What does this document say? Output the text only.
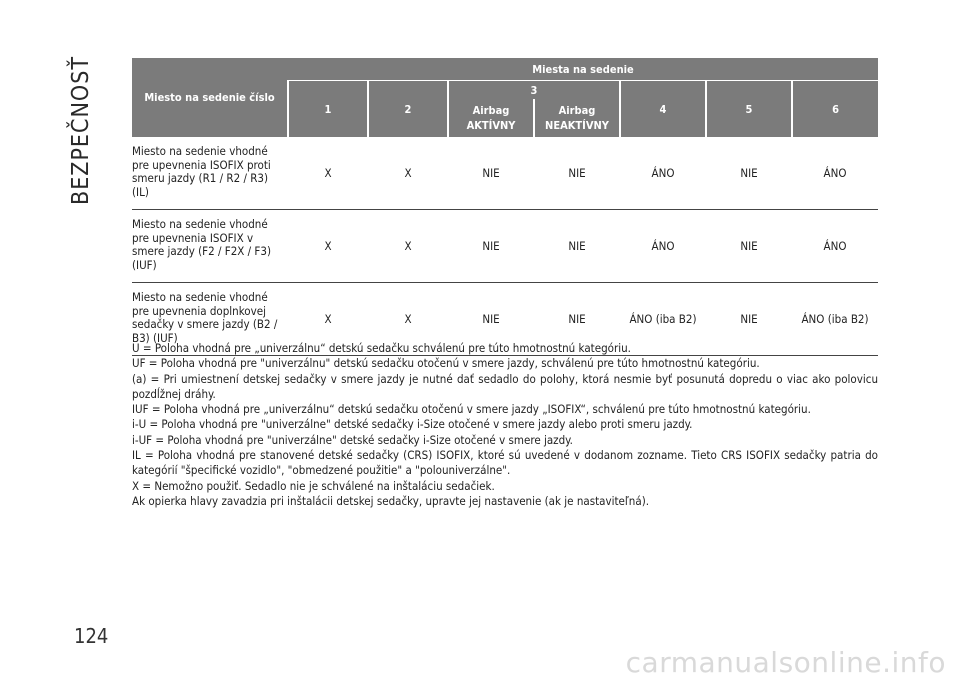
BEZPEČNOSŤ	Miesto na sedenie číslo	Miesta na sedenie						
	1	2	3		4	5	6
			Airbag AKTÍVNY	Airbag NEAKTÍVNY			
Miesto na sedenie vhodné pre upevnenia ISOFIX proti smeru jazdy (R1 / R2 / R3) (IL)	X	X	NIE	NIE	ÁNO	NIE	ÁNO
Miesto na sedenie vhodné pre upevnenia ISOFIX v smere jazdy (F2 / F2X / F3) (IUF)	X	X	NIE	NIE	ÁNO	NIE	ÁNO
Miesto na sedenie vhodné pre upevnenia doplnkovej sedačky v smere jazdy (B2 / B3) (IUF)	X	X	NIE	NIE	ÁNO (iba B2)	NIE	ÁNO (iba B2)

U = Poloha vhodná pre „univerzálnu“ detskú sedačku schválenú pre túto hmotnostnú kategóriu.

UF = Poloha vhodná pre "univerzálnu" detskú sedačku otočenú v smere jazdy, schválenú pre túto hmotnostnú kategóriu.

(a) = Pri umiestnení detskej sedačky v smere jazdy je nutné dať sedadlo do polohy, ktorá nesmie byť posunutá dopredu o viac ako polovicu pozdĺžnej dráhy.

IUF = Poloha vhodná pre „univerzálnu“ detskú sedačku otočenú v smere jazdy „ISOFIX“, schválenú pre túto hmotnostnú kategóriu.

i-U = Poloha vhodná pre "univerzálne" detské sedačky i-Size otočené v smere jazdy alebo proti smeru jazdy.

i-UF = Poloha vhodná pre "univerzálne" detské sedačky i-Size otočené v smere jazdy.

IL = Poloha vhodná pre stanovené detské sedačky (CRS) ISOFIX, ktoré sú uvedené v dodanom zozname. Tieto CRS ISOFIX sedačky patria do kategórií "špecifické vozidlo", "obmedzené použitie" a "polouniverzálne".

X = Nemožno použiť. Sedadlo nie je schválené na inštaláciu sedačiek.

Ak opierka hlavy zavadzia pri inštalácii detskej sedačky, upravte jej nastavenie (ak je nastaviteľná).

124
carmanualsonline.info
